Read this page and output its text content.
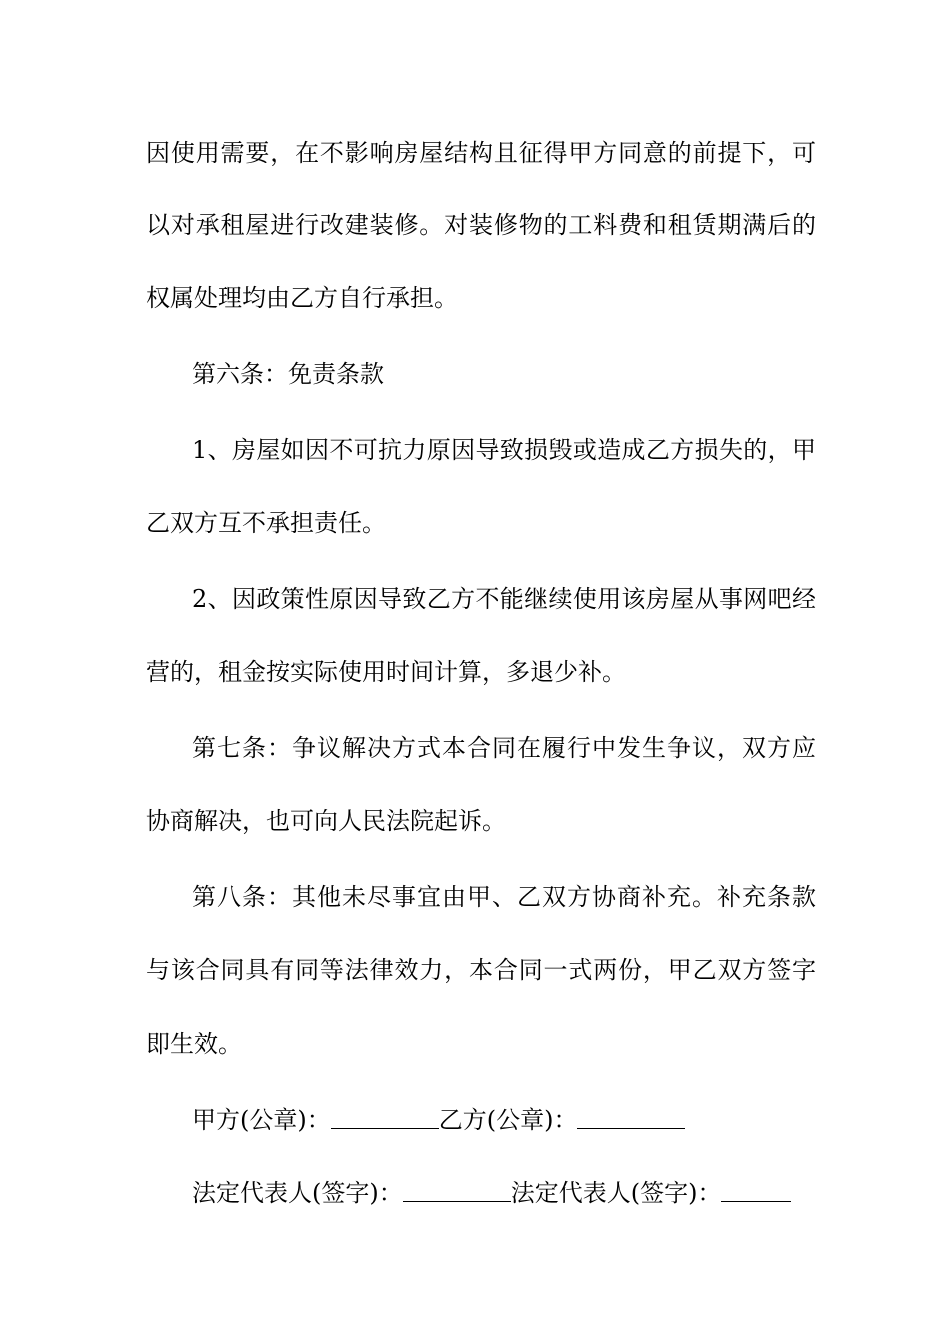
因使用需要，在不影响房屋结构且征得甲方同意的前提下，可
以对承租屋进行改建装修。对装修物的工料费和租赁期满后的
权属处理均由乙方自行承担。
第六条：免责条款
1、房屋如因不可抗力原因导致损毁或造成乙方损失的，甲
乙双方互不承担责任。
2、因政策性原因导致乙方不能继续使用该房屋从事网吧经
营的，租金按实际使用时间计算，多退少补。
第七条：争议解决方式本合同在履行中发生争议，双方应
协商解决，也可向人民法院起诉。
第八条：其他未尽事宜由甲、乙双方协商补充。补充条款
与该合同具有同等法律效力，本合同一式两份，甲乙双方签字
即生效。
甲方(公章)：	乙方(公章)：
法定代表人(签字)：	法定代表人(签字)：
